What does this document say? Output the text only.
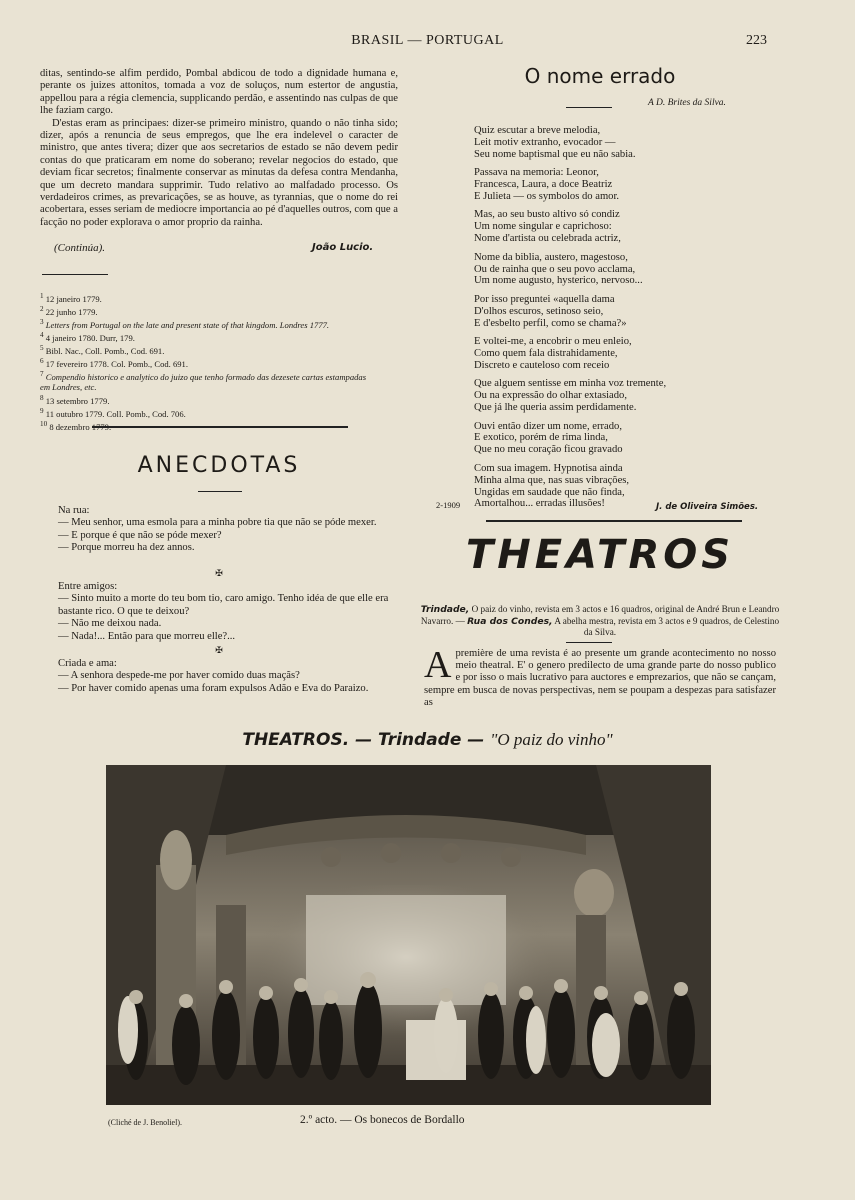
BRASIL — PORTUGAL	223

ditas, sentindo-se alfim perdido, Pombal abdicou de todo a dignidade humana e, perante os juizes attonitos, tomada a voz de soluços, num estertor de angustia, appellou para a régia clemencia, supplicando perdão, e assentindo nas culpas de que lhe faziam cargo.

D'estas eram as principaes: dizer-se primeiro ministro, quando o não tinha sido; dizer, após a renuncia de seus empregos, que lhe era indelevel o caracter de ministro, que antes tivera; dizer que aos secretarios de estado se não devem pedir contas do que praticaram em nome do soberano; revelar negocios do estado, que deviam ficar secretos; finalmente conservar as minutas da defesa contra Mendanha, que um decreto mandara supprimir. Tudo relativo ao malfadado processo. Os verdadeiros crimes, as prevaricações, se as houve, as tyrannias, que o nome do rei acobertara, esses seriam de mediocre importancia ao pé d'aquelles outros, com que a facção no poder explorava o amor proprio da rainha.

(Continúa).	João Lucio.
$^1$ 12 janeiro 1779.
$^2$ 22 junho 1779.
$^3$ Letters from Portugal on the late and present state of that kingdom. Londres 1777.
$^4$ 4 janeiro 1780. Durr, 179.
$^5$ Bibl. Nac., Coll. Pomb., Cod. 691.
$^6$ 17 fevereiro 1778. Col. Pomb., Cod. 691.
$^7$ Compendio historico e analytico do juizo que tenho formado das dezesete cartas estampadas em Londres, etc.
$^8$ 13 setembro 1779.
$^9$ 11 outubro 1779. Coll. Pomb., Cod. 706.
$^{10}$ 8 dezembro 1779.
ANECDOTAS
Na rua:
— Meu senhor, uma esmola para a minha pobre tia que não se póde mexer.
— E porque é que não se póde mexer?
— Porque morreu ha dez annos.
✠
Entre amigos:
— Sinto muito a morte do teu bom tio, caro amigo. Tenho idéa de que elle era bastante rico. O que te deixou?
— Não me deixou nada.
— Nada!... Então para que morreu elle?...
✠
Criada e ama:
— A senhora despede-me por haver comido duas maçãs?
— Por haver comido apenas uma foram expulsos Adão e Eva do Paraizo.
O nome errado
A D. Brites da Silva.
Quiz escutar a breve melodia,
Leit motiv extranho, evocador —
Seu nome baptismal que eu não sabia.
Passava na memoria: Leonor,
Francesca, Laura, a doce Beatriz
E Julieta — os symbolos do amor.
Mas, ao seu busto altivo só condiz
Um nome singular e caprichoso:
Nome d'artista ou celebrada actriz,
Nome da biblia, austero, magestoso,
Ou de rainha que o seu povo acclama,
Um nome augusto, hysterico, nervoso...
Por isso preguntei «aquella dama
D'olhos escuros, setinoso seio,
E d'esbelto perfil, como se chama?»
E voltei-me, a encobrir o meu enleio,
Como quem fala distrahidamente,
Discreto e cauteloso com receio
Que alguem sentisse em minha voz tremente,
Ou na expressão do olhar extasiado,
Que já lhe queria assim perdidamente.
Ouvi então dizer um nome, errado,
E exotico, porém de rima linda,
Que no meu coração ficou gravado
Com sua imagem. Hypnotisa ainda
Minha alma que, nas suas vibrações,
Ungidas em saudade que não finda,
Amortalhou... erradas illusões!
2-1909	J. de Oliveira Simões.
THEATROS
Trindade, O paiz do vinho, revista em 3 actos e 16 quadros, original de André Brun e Leandro Navarro. — Rua dos Condes, A abelha mestra, revista em 3 actos e 9 quadros, de Celestino da Silva.
Apremière de uma revista é ao presente um grande acontecimento no nosso meio theatral. E' o genero predilecto de uma grande parte do nosso publico e por isso o mais lucrativo para auctores e emprezarios, que não se cançam, sempre em busca de novas perspectivas, nem se poupam a despezas para satisfazer as
THEATROS. — Trindade — "O paiz do vinho"
(Cliché de J. Benoliel).	2.º acto. — Os bonecos de Bordallo
